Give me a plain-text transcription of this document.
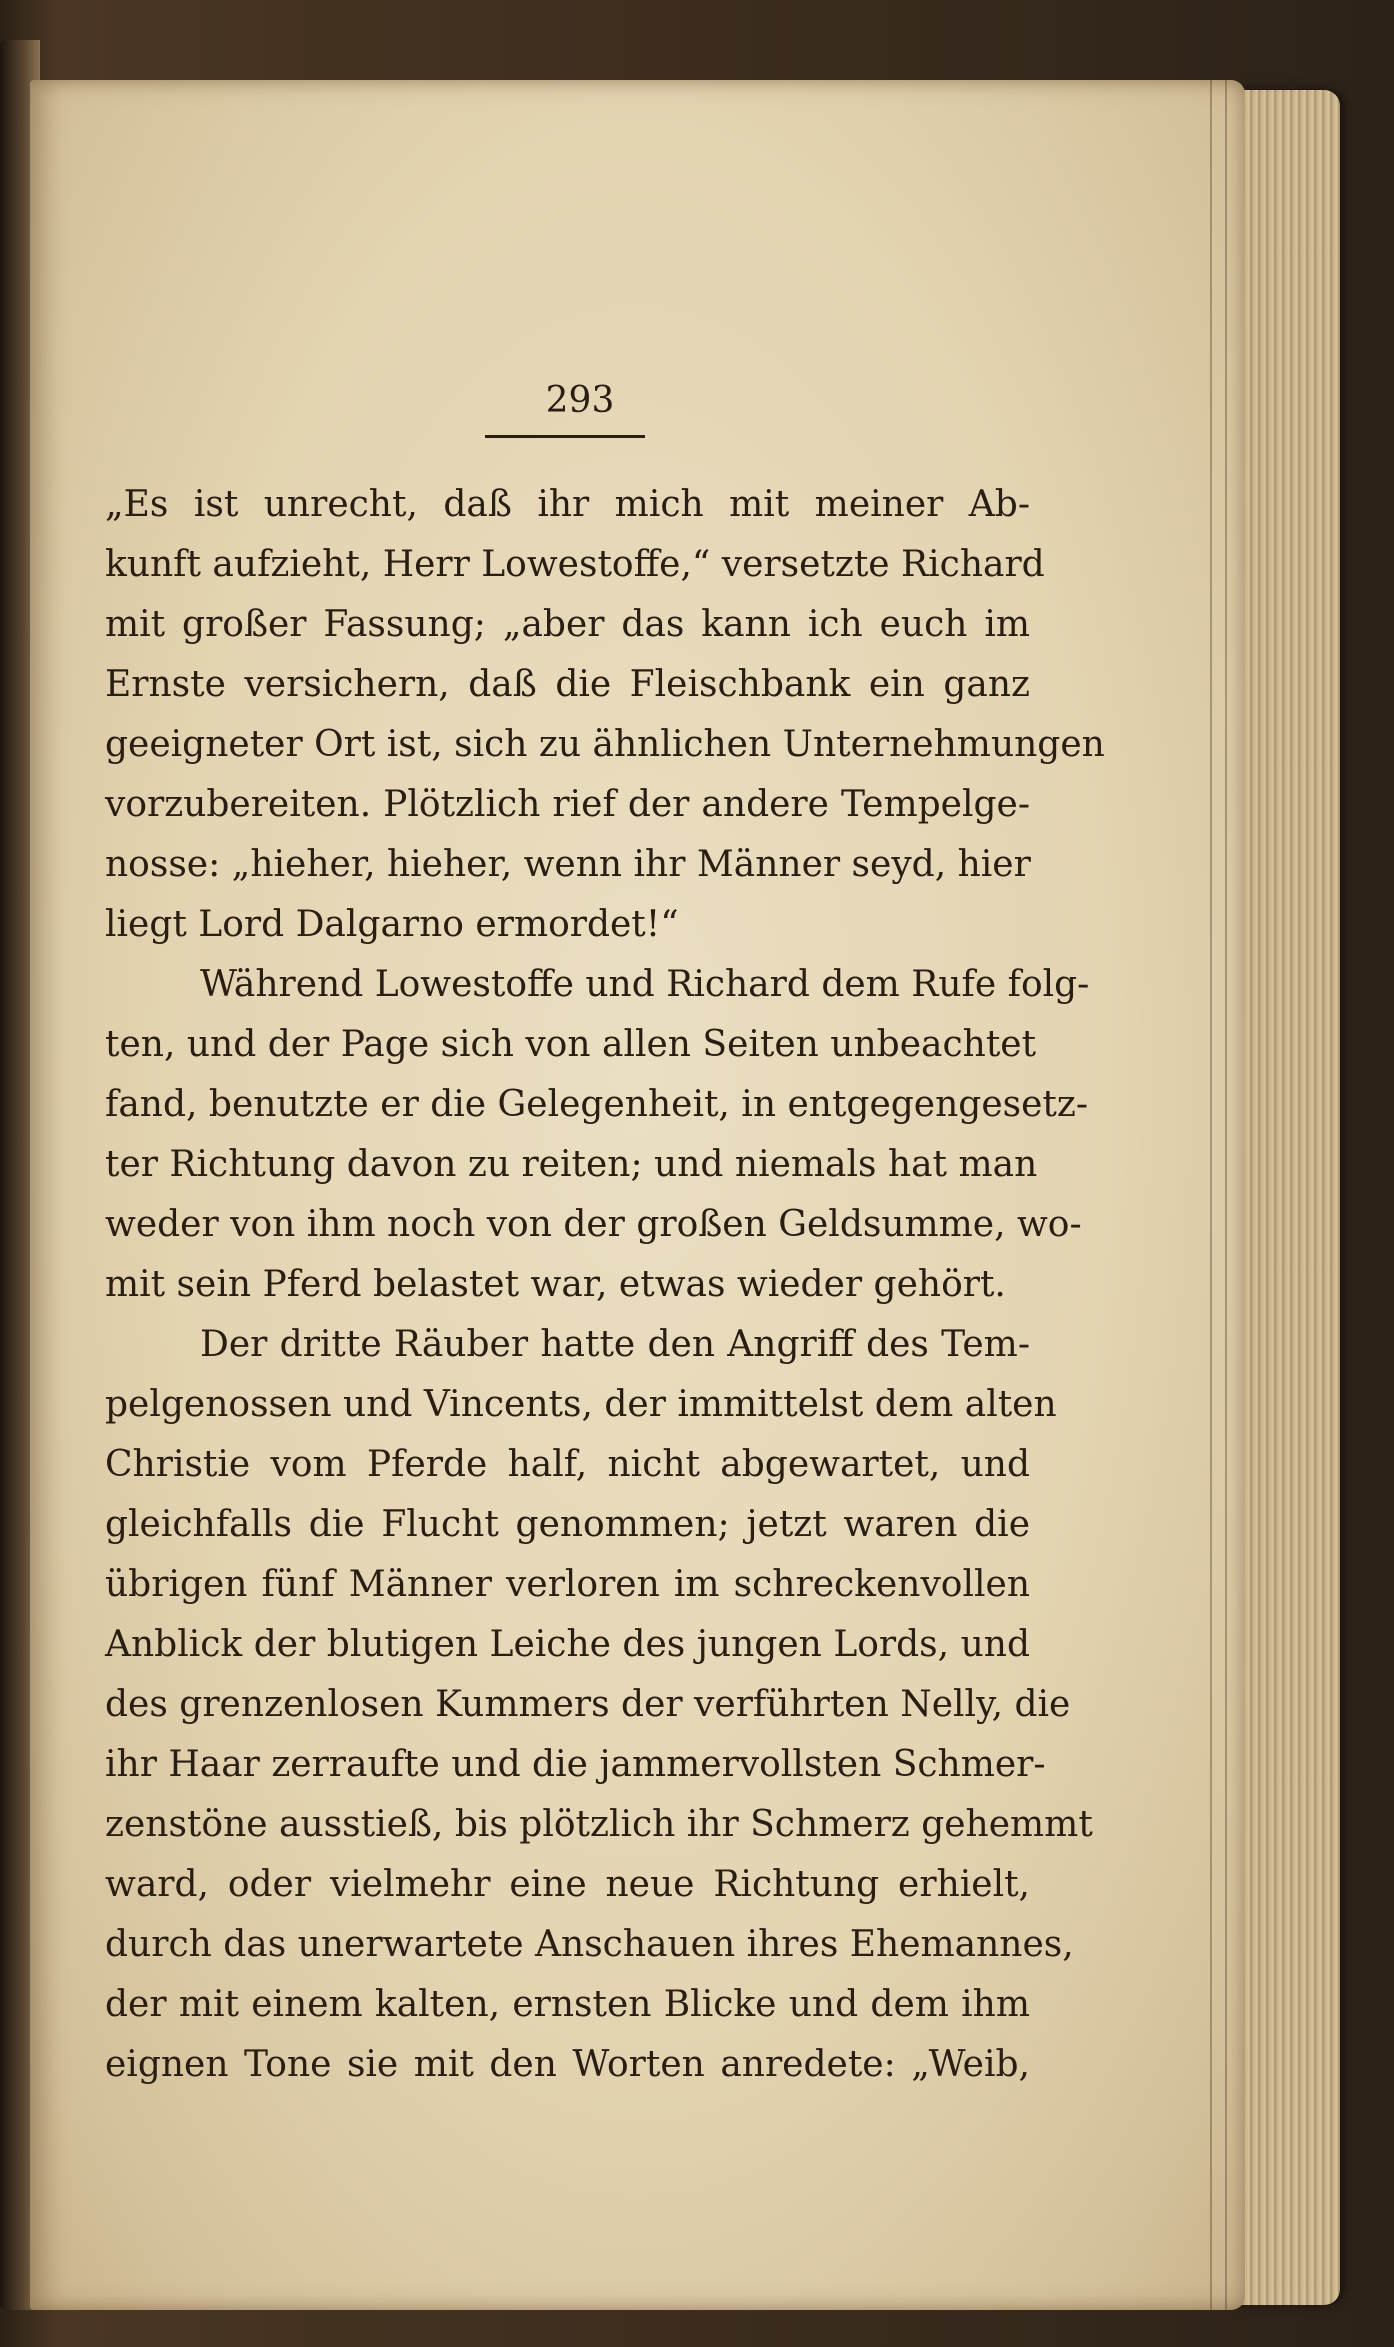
293
„Es ist unrecht, daß ihr mich mit meiner Ab-
kunft aufzieht, Herr Lowestoffe,“ versetzte Richard
mit großer Fassung; „aber das kann ich euch im
Ernste versichern, daß die Fleischbank ein ganz
geeigneter Ort ist, sich zu ähnlichen Unternehmungen
vorzubereiten. Plötzlich rief der andere Tempelge-
nosse: „hieher, hieher, wenn ihr Männer seyd, hier
liegt Lord Dalgarno ermordet!“
Während Lowestoffe und Richard dem Rufe folg-
ten, und der Page sich von allen Seiten unbeachtet
fand, benutzte er die Gelegenheit, in entgegengesetz-
ter Richtung davon zu reiten; und niemals hat man
weder von ihm noch von der großen Geldsumme, wo-
mit sein Pferd belastet war, etwas wieder gehört.
Der dritte Räuber hatte den Angriff des Tem-
pelgenossen und Vincents, der immittelst dem alten
Christie vom Pferde half, nicht abgewartet, und
gleichfalls die Flucht genommen; jetzt waren die
übrigen fünf Männer verloren im schreckenvollen
Anblick der blutigen Leiche des jungen Lords, und
des grenzenlosen Kummers der verführten Nelly, die
ihr Haar zerraufte und die jammervollsten Schmer-
zenstöne ausstieß, bis plötzlich ihr Schmerz gehemmt
ward, oder vielmehr eine neue Richtung erhielt,
durch das unerwartete Anschauen ihres Ehemannes,
der mit einem kalten, ernsten Blicke und dem ihm
eignen Tone sie mit den Worten anredete: „Weib,
